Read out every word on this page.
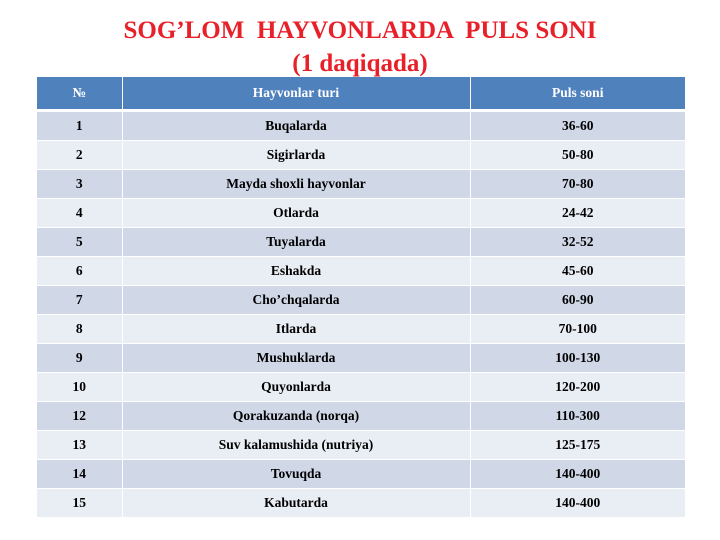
SOG’LOM  HAYVONLARDA  PULS SONI
(1 daqiqada)
№	Hayvonlar turi	Puls soni
1	Buqalarda	36-60
2	Sigirlarda	50-80
3	Mayda shoxli hayvonlar	70-80
4	Otlarda	24-42
5	Tuyalarda	32-52
6	Eshakda	45-60
7	Cho’chqalarda	60-90
8	Itlarda	70-100
9	Mushuklarda	100-130
10	Quyonlarda	120-200
12	Qorakuzanda (norqa)	110-300
13	Suv kalamushida (nutriya)	125-175
14	Tovuqda	140-400
15	Kabutarda	140-400
